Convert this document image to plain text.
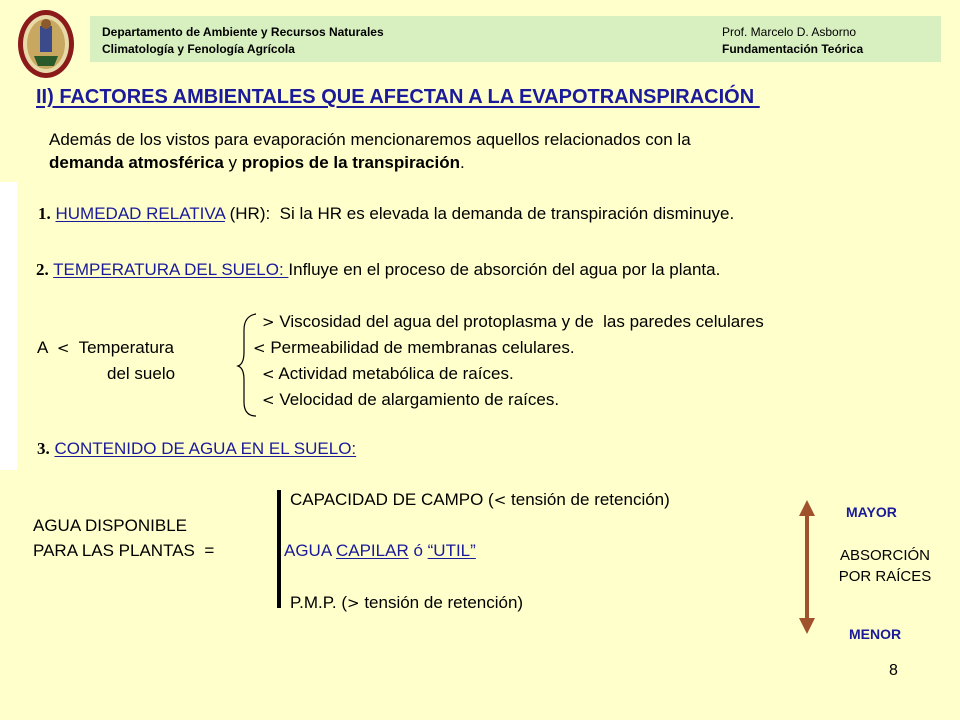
Departamento de Ambiente y Recursos Naturales
Climatología y Fenología Agrícola
Prof. Marcelo D. Asborno
Fundamentación Teórica
II) FACTORES AMBIENTALES QUE AFECTAN A LA EVAPOTRANSPIRACIÓN
Además de los vistos para evaporación mencionaremos aquellos relacionados con la
demanda atmosférica y propios de la transpiración.
1. HUMEDAD RELATIVA (HR): Si la HR es elevada la demanda de transpiración disminuye.
2. TEMPERATURA DEL SUELO: Influye en el proceso de absorción del agua por la planta.
> Viscosidad del agua del protoplasma y de  las paredes celulares
A < Temperatura	< Permeabilidad de membranas celulares.
del suelo	< Actividad metabólica de raíces.
< Velocidad de alargamiento de raíces.
3. CONTENIDO DE AGUA EN EL SUELO:
CAPACIDAD DE CAMPO (< tensión de retención)
AGUA DISPONIBLE
PARA LAS PLANTAS  =	AGUA CAPILAR ó “UTIL”
P.M.P. (> tensión de retención)
MAYOR
ABSORCIÓN
POR RAÍCES
MENOR
8
